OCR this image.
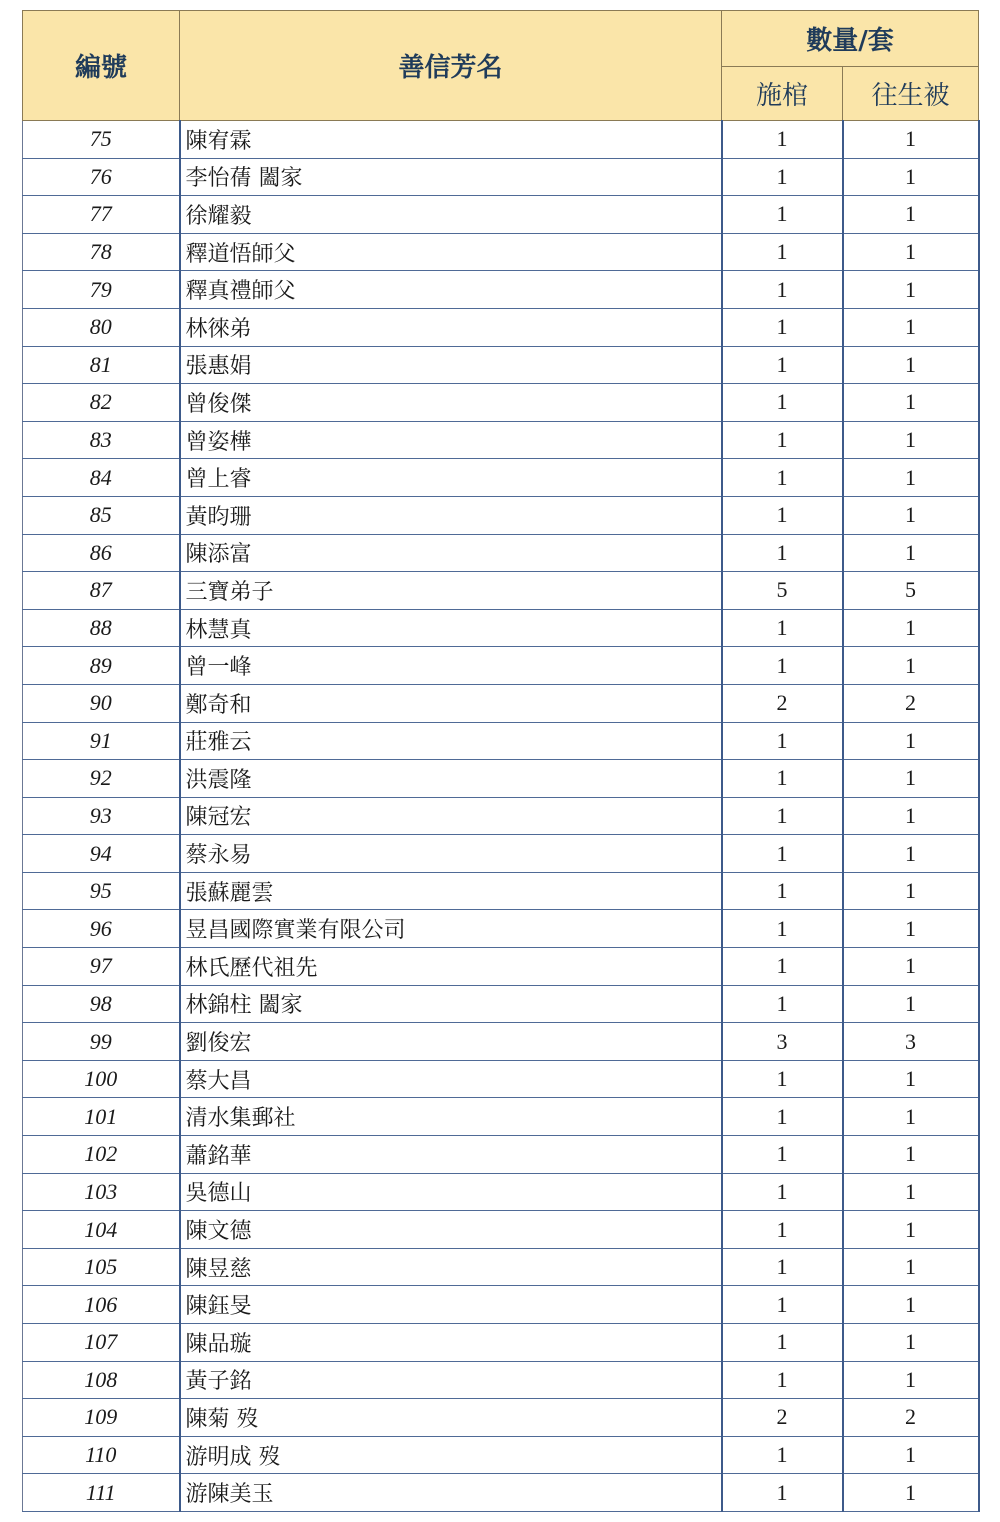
編號	善信芳名	數量/套	
		施棺	往生被
75	陳宥霖	1	1
76	李怡蒨 闔家	1	1
77	徐耀毅	1	1
78	釋道悟師父	1	1
79	釋真禮師父	1	1
80	林徠弟	1	1
81	張惠娟	1	1
82	曾俊傑	1	1
83	曾姿樺	1	1
84	曾上睿	1	1
85	黃昀珊	1	1
86	陳添富	1	1
87	三寶弟子	5	5
88	林慧真	1	1
89	曾一峰	1	1
90	鄭奇和	2	2
91	莊雅云	1	1
92	洪震隆	1	1
93	陳冠宏	1	1
94	蔡永易	1	1
95	張蘇麗雲	1	1
96	昱昌國際實業有限公司	1	1
97	林氏歷代祖先	1	1
98	林錦柱 闔家	1	1
99	劉俊宏	3	3
100	蔡大昌	1	1
101	清水集郵社	1	1
102	蕭銘華	1	1
103	吳德山	1	1
104	陳文德	1	1
105	陳昱慈	1	1
106	陳鈺旻	1	1
107	陳品璇	1	1
108	黃子銘	1	1
109	陳菊 歿	2	2
110	游明成 歿	1	1
111	游陳美玉	1	1
